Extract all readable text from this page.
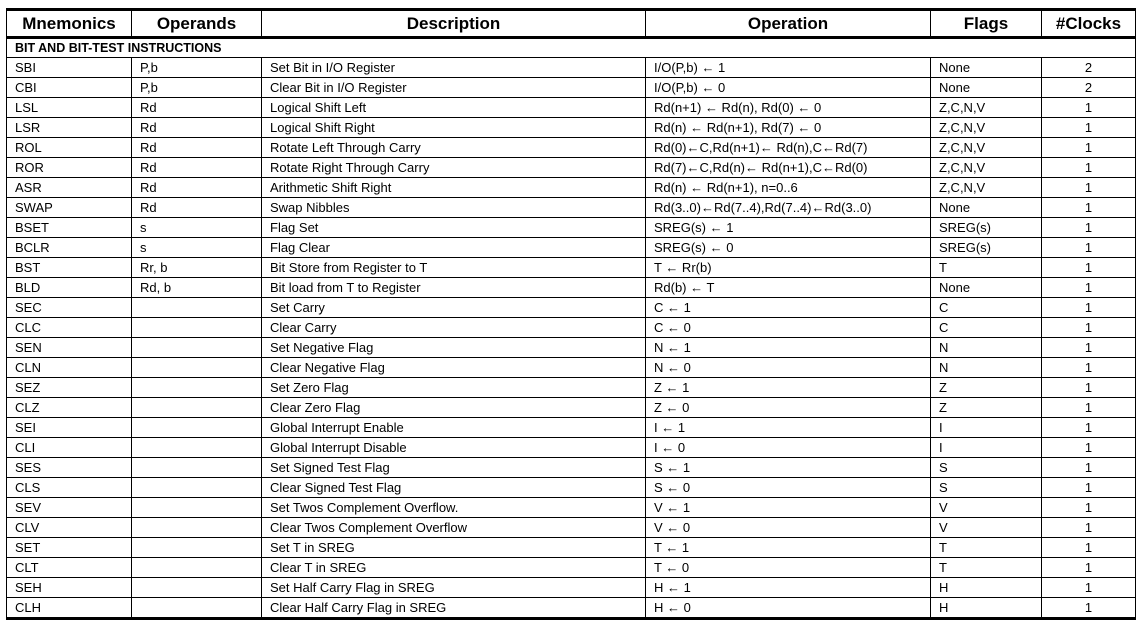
Mnemonics	Operands	Description	Operation	Flags	#Clocks
BIT AND BIT-TEST INSTRUCTIONS					
SBI	P,b	Set Bit in I/O Register	I/O(P,b) ← 1	None	2
CBI	P,b	Clear Bit in I/O Register	I/O(P,b) ← 0	None	2
LSL	Rd	Logical Shift Left	Rd(n+1) ← Rd(n), Rd(0) ← 0	Z,C,N,V	1
LSR	Rd	Logical Shift Right	Rd(n) ← Rd(n+1), Rd(7) ← 0	Z,C,N,V	1
ROL	Rd	Rotate Left Through Carry	Rd(0)←C,Rd(n+1)← Rd(n),C←Rd(7)	Z,C,N,V	1
ROR	Rd	Rotate Right Through Carry	Rd(7)←C,Rd(n)← Rd(n+1),C←Rd(0)	Z,C,N,V	1
ASR	Rd	Arithmetic Shift Right	Rd(n) ← Rd(n+1), n=0..6	Z,C,N,V	1
SWAP	Rd	Swap Nibbles	Rd(3..0)←Rd(7..4),Rd(7..4)←Rd(3..0)	None	1
BSET	s	Flag Set	SREG(s) ← 1	SREG(s)	1
BCLR	s	Flag Clear	SREG(s) ← 0	SREG(s)	1
BST	Rr, b	Bit Store from Register to T	T ← Rr(b)	T	1
BLD	Rd, b	Bit load from T to Register	Rd(b) ← T	None	1
SEC		Set Carry	C ← 1	C	1
CLC		Clear Carry	C ← 0	C	1
SEN		Set Negative Flag	N ← 1	N	1
CLN		Clear Negative Flag	N ← 0	N	1
SEZ		Set Zero Flag	Z ← 1	Z	1
CLZ		Clear Zero Flag	Z ← 0	Z	1
SEI		Global Interrupt Enable	I ← 1	I	1
CLI		Global Interrupt Disable	I ← 0	I	1
SES		Set Signed Test Flag	S ← 1	S	1
CLS		Clear Signed Test Flag	S ← 0	S	1
SEV		Set Twos Complement Overflow.	V ← 1	V	1
CLV		Clear Twos Complement Overflow	V ← 0	V	1
SET		Set T in SREG	T ← 1	T	1
CLT		Clear T in SREG	T ← 0	T	1
SEH		Set Half Carry Flag in SREG	H ← 1	H	1
CLH		Clear Half Carry Flag in SREG	H ← 0	H	1
